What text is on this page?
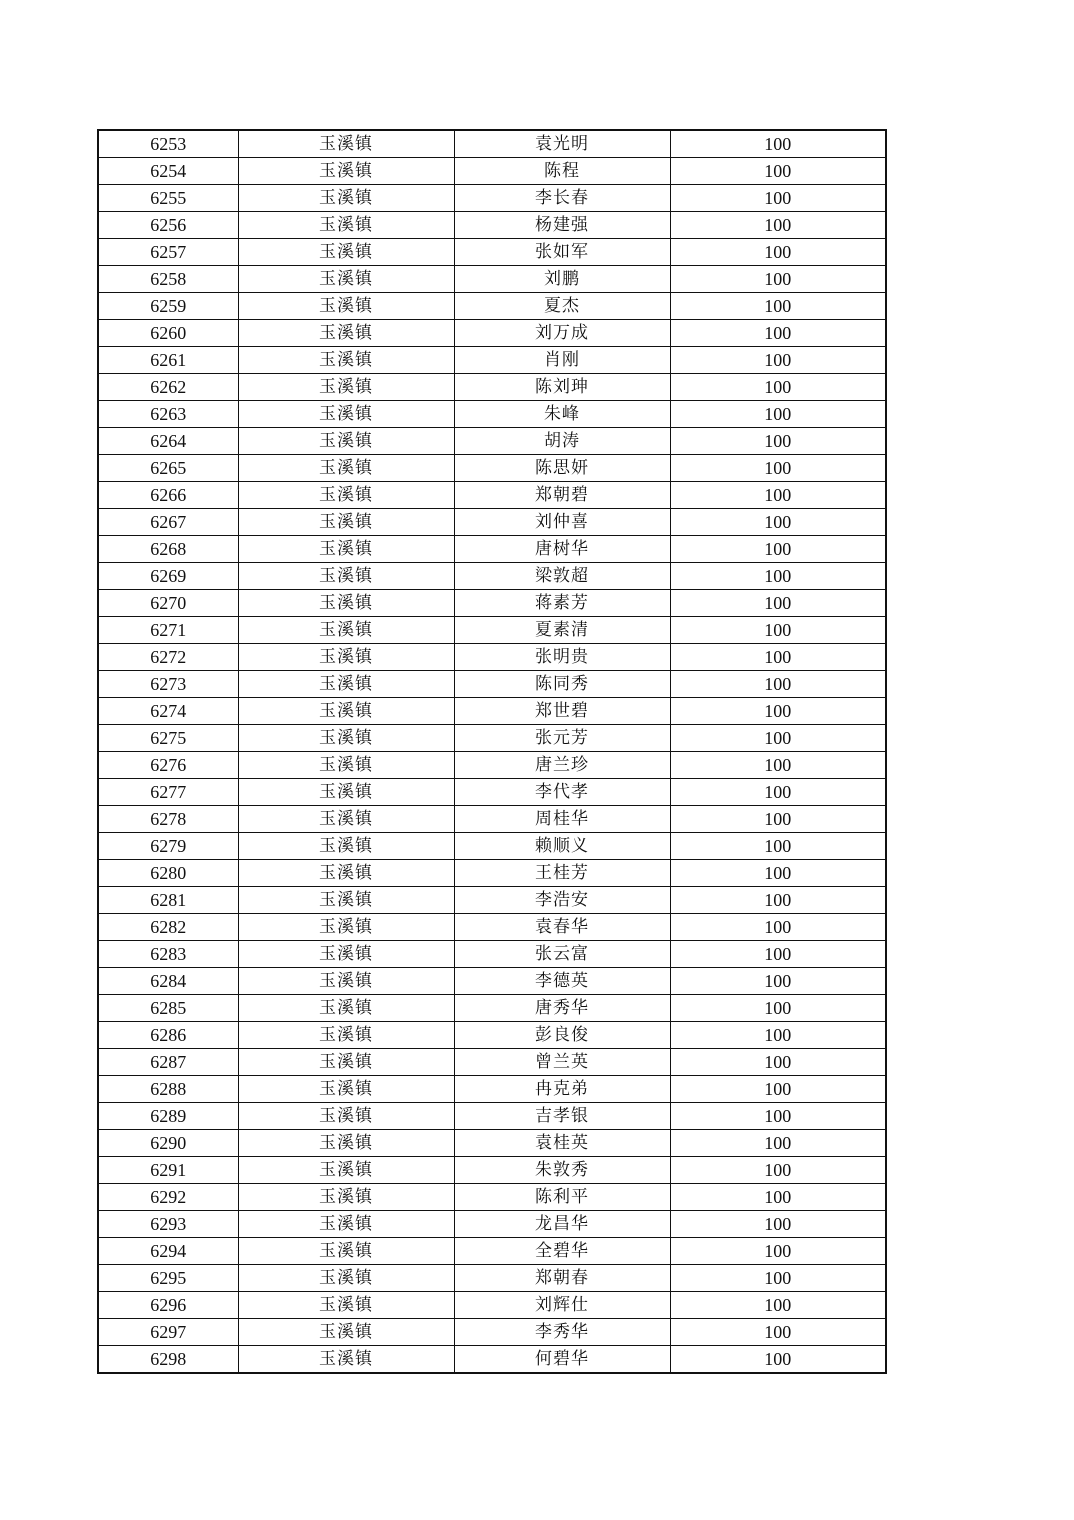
6253	玉溪镇	袁光明	100
6254	玉溪镇	陈程	100
6255	玉溪镇	李长春	100
6256	玉溪镇	杨建强	100
6257	玉溪镇	张如军	100
6258	玉溪镇	刘鹏	100
6259	玉溪镇	夏杰	100
6260	玉溪镇	刘万成	100
6261	玉溪镇	肖刚	100
6262	玉溪镇	陈刘珅	100
6263	玉溪镇	朱峰	100
6264	玉溪镇	胡涛	100
6265	玉溪镇	陈思妍	100
6266	玉溪镇	郑朝碧	100
6267	玉溪镇	刘仲喜	100
6268	玉溪镇	唐树华	100
6269	玉溪镇	梁敦超	100
6270	玉溪镇	蒋素芳	100
6271	玉溪镇	夏素清	100
6272	玉溪镇	张明贵	100
6273	玉溪镇	陈同秀	100
6274	玉溪镇	郑世碧	100
6275	玉溪镇	张元芳	100
6276	玉溪镇	唐兰珍	100
6277	玉溪镇	李代孝	100
6278	玉溪镇	周桂华	100
6279	玉溪镇	赖顺义	100
6280	玉溪镇	王桂芳	100
6281	玉溪镇	李浩安	100
6282	玉溪镇	袁春华	100
6283	玉溪镇	张云富	100
6284	玉溪镇	李德英	100
6285	玉溪镇	唐秀华	100
6286	玉溪镇	彭良俊	100
6287	玉溪镇	曾兰英	100
6288	玉溪镇	冉克弟	100
6289	玉溪镇	吉孝银	100
6290	玉溪镇	袁桂英	100
6291	玉溪镇	朱敦秀	100
6292	玉溪镇	陈利平	100
6293	玉溪镇	龙昌华	100
6294	玉溪镇	全碧华	100
6295	玉溪镇	郑朝春	100
6296	玉溪镇	刘辉仕	100
6297	玉溪镇	李秀华	100
6298	玉溪镇	何碧华	100
